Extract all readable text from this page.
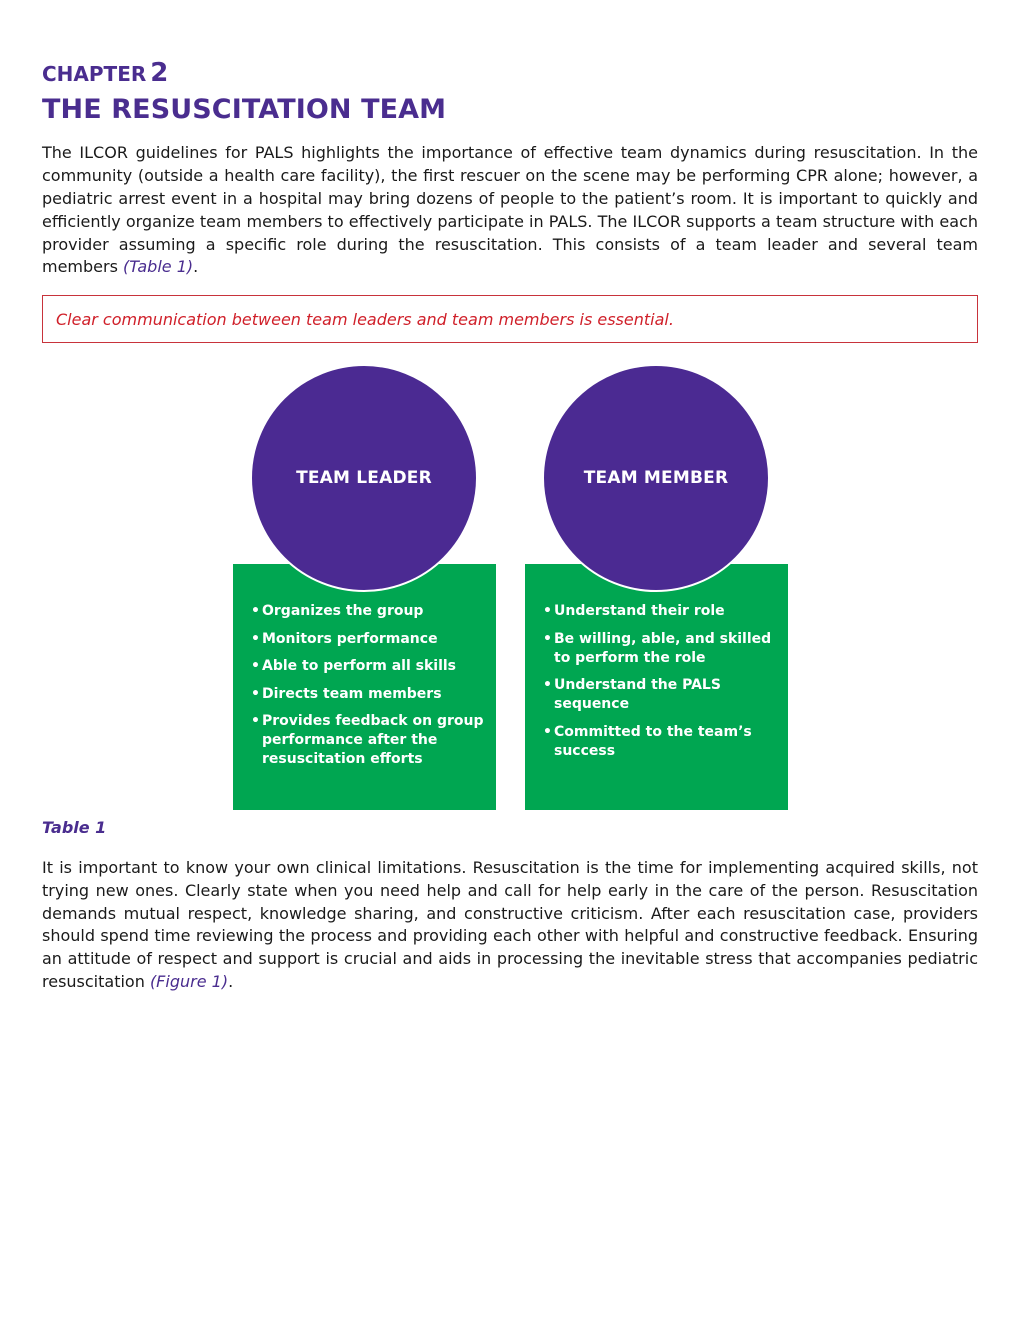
CHAPTER 2

THE RESUSCITATION TEAM

The ILCOR guidelines for PALS highlights the importance of effective team dynamics during resuscitation. In the community (outside a health care facility), the first rescuer on the scene may be performing CPR alone; however, a pediatric arrest event in a hospital may bring dozens of people to the patient’s room. It is important to quickly and efficiently organize team members to effectively participate in PALS. The ILCOR supports a team structure with each provider assuming a specific role during the resuscitation. This consists of a team leader and several team members (Table 1).

Clear communication between team leaders and team members is essential.
TEAM LEADER
• Organizes the group
• Monitors performance
• Able to perform all skills
• Directs team members
• Provides feedback on group performance after the resuscitation efforts
TEAM MEMBER
• Understand their role
• Be willing, able, and skilled to perform the role
• Understand the PALS sequence
• Committed to the team’s success

Table 1

It is important to know your own clinical limitations. Resuscitation is the time for implementing acquired skills, not trying new ones. Clearly state when you need help and call for help early in the care of the person. Resuscitation demands mutual respect, knowledge sharing, and constructive criticism. After each resuscitation case, providers should spend time reviewing the process and providing each other with helpful and constructive feedback. Ensuring an attitude of respect and support is crucial and aids in processing the inevitable stress that accompanies pediatric resuscitation (Figure 1).
